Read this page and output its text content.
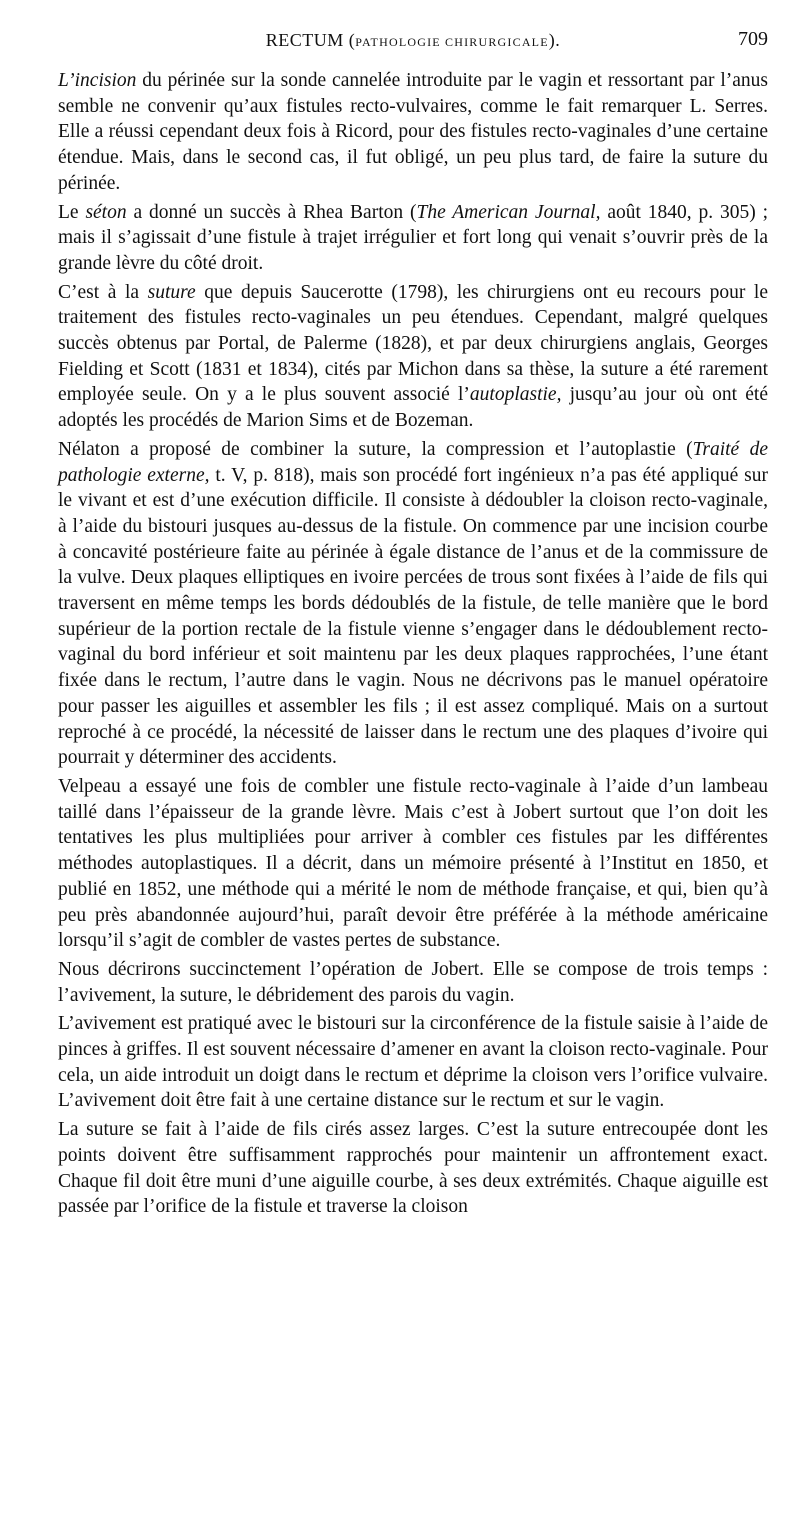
RECTUM (PATHOLOGIE CHIRURGICALE).	709

L’incision du périnée sur la sonde cannelée introduite par le vagin et ressortant par l’anus semble ne convenir qu’aux fistules recto-vulvaires, comme le fait remarquer L. Serres. Elle a réussi cependant deux fois à Ricord, pour des fistules recto-vaginales d’une certaine étendue. Mais, dans le second cas, il fut obligé, un peu plus tard, de faire la suture du périnée.

Le séton a donné un succès à Rhea Barton (The American Journal, août 1840, p. 305) ; mais il s’agissait d’une fistule à trajet irrégulier et fort long qui venait s’ouvrir près de la grande lèvre du côté droit.

C’est à la suture que depuis Saucerotte (1798), les chirurgiens ont eu recours pour le traitement des fistules recto-vaginales un peu étendues. Cependant, malgré quelques succès obtenus par Portal, de Palerme (1828), et par deux chirurgiens anglais, Georges Fielding et Scott (1831 et 1834), cités par Michon dans sa thèse, la suture a été rarement employée seule. On y a le plus souvent associé l’autoplastie, jusqu’au jour où ont été adoptés les procédés de Marion Sims et de Bozeman.

Nélaton a proposé de combiner la suture, la compression et l’autoplastie (Traité de pathologie externe, t. V, p. 818), mais son procédé fort ingénieux n’a pas été appliqué sur le vivant et est d’une exécution difficile. Il consiste à dédoubler la cloison recto-vaginale, à l’aide du bistouri jusques au-dessus de la fistule. On commence par une incision courbe à concavité postérieure faite au périnée à égale distance de l’anus et de la commissure de la vulve. Deux plaques elliptiques en ivoire percées de trous sont fixées à l’aide de fils qui traversent en même temps les bords dédoublés de la fistule, de telle manière que le bord supérieur de la portion rectale de la fistule vienne s’engager dans le dédoublement recto-vaginal du bord inférieur et soit maintenu par les deux plaques rapprochées, l’une étant fixée dans le rectum, l’autre dans le vagin. Nous ne décrivons pas le manuel opératoire pour passer les aiguilles et assembler les fils ; il est assez compliqué. Mais on a surtout reproché à ce procédé, la nécessité de laisser dans le rectum une des plaques d’ivoire qui pourrait y déterminer des accidents.

Velpeau a essayé une fois de combler une fistule recto-vaginale à l’aide d’un lambeau taillé dans l’épaisseur de la grande lèvre. Mais c’est à Jobert surtout que l’on doit les tentatives les plus multipliées pour arriver à combler ces fistules par les différentes méthodes autoplastiques. Il a décrit, dans un mémoire présenté à l’Institut en 1850, et publié en 1852, une méthode qui a mérité le nom de méthode française, et qui, bien qu’à peu près abandonnée aujourd’hui, paraît devoir être préférée à la méthode américaine lorsqu’il s’agit de combler de vastes pertes de substance.

Nous décrirons succinctement l’opération de Jobert. Elle se compose de trois temps : l’avivement, la suture, le débridement des parois du vagin.

L’avivement est pratiqué avec le bistouri sur la circonférence de la fistule saisie à l’aide de pinces à griffes. Il est souvent nécessaire d’amener en avant la cloison recto-vaginale. Pour cela, un aide introduit un doigt dans le rectum et déprime la cloison vers l’orifice vulvaire. L’avivement doit être fait à une certaine distance sur le rectum et sur le vagin.

La suture se fait à l’aide de fils cirés assez larges. C’est la suture entrecoupée dont les points doivent être suffisamment rapprochés pour maintenir un affrontement exact. Chaque fil doit être muni d’une aiguille courbe, à ses deux extrémités. Chaque aiguille est passée par l’orifice de la fistule et traverse la cloison
